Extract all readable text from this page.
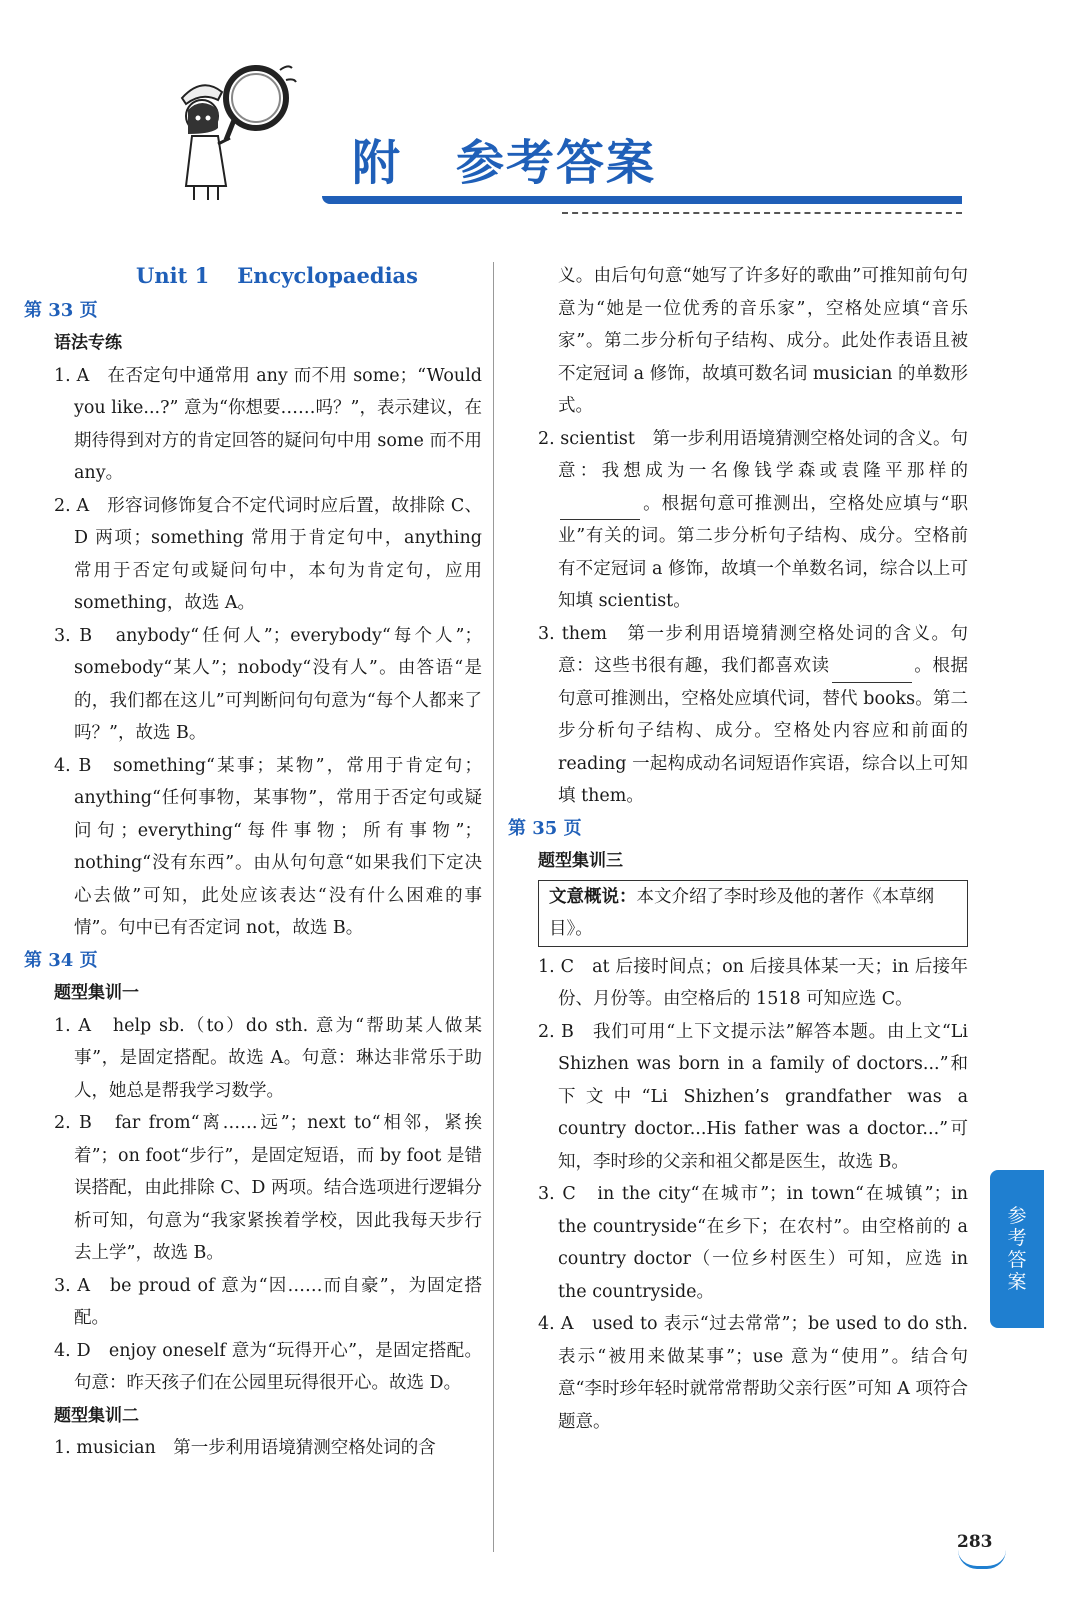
附 参考答案
Unit 1 Encyclopaedias
第 33 页
语法专练
1. A　在否定句中通常用 any 而不用 some；“Would you like...?” 意为“你想要……吗？”，表示建议，在期待得到对方的肯定回答的疑问句中用 some 而不用 any。
2. A　形容词修饰复合不定代词时应后置，故排除 C、D 两项；something 常用于肯定句中，anything 常用于否定句或疑问句中，本句为肯定句，应用 something，故选 A。
3. B　anybody“任何人”；everybody“每个人”；somebody“某人”；nobody“没有人”。由答语“是的，我们都在这儿”可判断问句句意为“每个人都来了吗？”，故选 B。
4. B　something“某事；某物”，常用于肯定句；anything“任何事物，某事物”，常用于否定句或疑问句；everything“每件事物；所有事物”；nothing“没有东西”。由从句句意“如果我们下定决心去做”可知，此处应该表达“没有什么困难的事情”。句中已有否定词 not，故选 B。
第 34 页
题型集训一
1. A　help sb.（to）do sth. 意为“帮助某人做某事”，是固定搭配。故选 A。句意：琳达非常乐于助人，她总是帮我学习数学。
2. B　far from“离……远”；next to“相邻，紧挨着”；on foot“步行”，是固定短语，而 by foot 是错误搭配，由此排除 C、D 两项。结合选项进行逻辑分析可知，句意为“我家紧挨着学校，因此我每天步行去上学”，故选 B。
3. A　be proud of 意为“因……而自豪”，为固定搭配。
4. D　enjoy oneself 意为“玩得开心”，是固定搭配。句意：昨天孩子们在公园里玩得很开心。故选 D。
题型集训二
1. musician　第一步利用语境猜测空格处词的含
义。由后句句意“她写了许多好的歌曲”可推知前句句意为“她是一位优秀的音乐家”，空格处应填“音乐家”。第二步分析句子结构、成分。此处作表语且被不定冠词 a 修饰，故填可数名词 musician 的单数形式。
2. scientist　第一步利用语境猜测空格处词的含义。句意：我想成为一名像钱学森或袁隆平那样的。根据句意可推测出，空格处应填与“职业”有关的词。第二步分析句子结构、成分。空格前有不定冠词 a 修饰，故填一个单数名词，综合以上可知填 scientist。
3. them　第一步利用语境猜测空格处词的含义。句意：这些书很有趣，我们都喜欢读	。根据句意可推测出，空格处应填代词，替代 books。第二步分析句子结构、成分。空格处内容应和前面的 reading 一起构成动名词短语作宾语，综合以上可知填 them。
第 35 页
题型集训三
文意概说：本文介绍了李时珍及他的著作《本草纲目》。
1. C　at 后接时间点；on 后接具体某一天；in 后接年份、月份等。由空格后的 1518 可知应选 C。
2. B　我们可用“上下文提示法”解答本题。由上文“Li Shizhen was born in a family of doctors...”和下文中“Li Shizhen’s grandfather was a country doctor...His father was a doctor...”可知，李时珍的父亲和祖父都是医生，故选 B。
3. C　in the city“在城市”；in town“在城镇”；in the countryside“在乡下；在农村”。由空格前的 a country doctor（一位乡村医生）可知，应选 in the countryside。
4. A　used to 表示“过去常常”；be used to do sth. 表示“被用来做某事”；use 意为“使用”。结合句意“李时珍年轻时就常常帮助父亲行医”可知 A 项符合题意。
参考答案
283
